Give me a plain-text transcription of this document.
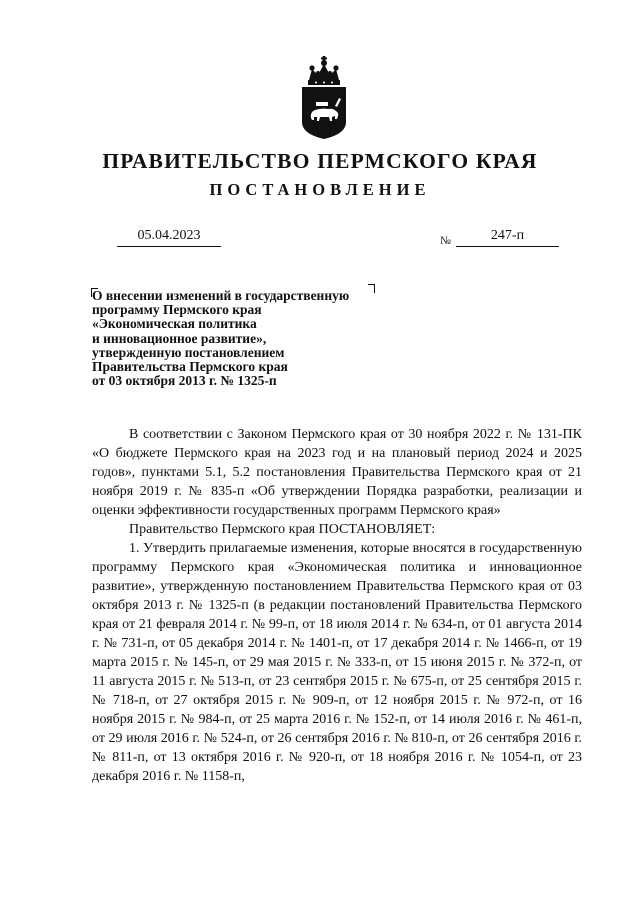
ПРАВИТЕЛЬСТВО ПЕРМСКОГО КРАЯ
ПОСТАНОВЛЕНИЕ
05.04.2023	№	247-п

О внесении изменений в государственную
программу Пермского края
«Экономическая политика
и инновационное развитие»,
утвержденную постановлением
Правительства Пермского края
от 03 октября 2013 г. № 1325-п

В соответствии с Законом Пермского края от 30 ноября 2022 г. № 131-ПК «О бюджете Пермского края на 2023 год и на плановый период 2024 и 2025 годов», пунктами 5.1, 5.2 постановления Правительства Пермского края от 21 ноября 2019 г. № 835-п «Об утверждении Порядка разработки, реализации и оценки эффективности государственных программ Пермского края»

Правительство Пермского края ПОСТАНОВЛЯЕТ:

1. Утвердить прилагаемые изменения, которые вносятся в государственную программу Пермского края «Экономическая политика и инновационное развитие», утвержденную постановлением Правительства Пермского края от 03 октября 2013 г. № 1325-п (в редакции постановлений Правительства Пермского края от 21 февраля 2014 г. № 99-п, от 18 июля 2014 г. № 634-п, от 01 августа 2014 г. № 731-п, от 05 декабря 2014 г. № 1401-п, от 17 декабря 2014 г. № 1466-п, от 19 марта 2015 г. № 145-п, от 29 мая 2015 г. № 333-п, от 15 июня 2015 г. № 372-п, от 11 августа 2015 г. № 513-п, от 23 сентября 2015 г. № 675-п, от 25 сентября 2015 г. № 718-п, от 27 октября 2015 г. № 909-п, от 12 ноября 2015 г. № 972-п, от 16 ноября 2015 г. № 984-п, от 25 марта 2016 г. № 152-п, от 14 июля 2016 г. № 461-п, от 29 июля 2016 г. № 524-п, от 26 сентября 2016 г. № 810-п, от 26 сентября 2016 г. № 811-п, от 13 октября 2016 г. № 920-п, от 18 ноября 2016 г. № 1054-п, от 23 декабря 2016 г. № 1158-п,
